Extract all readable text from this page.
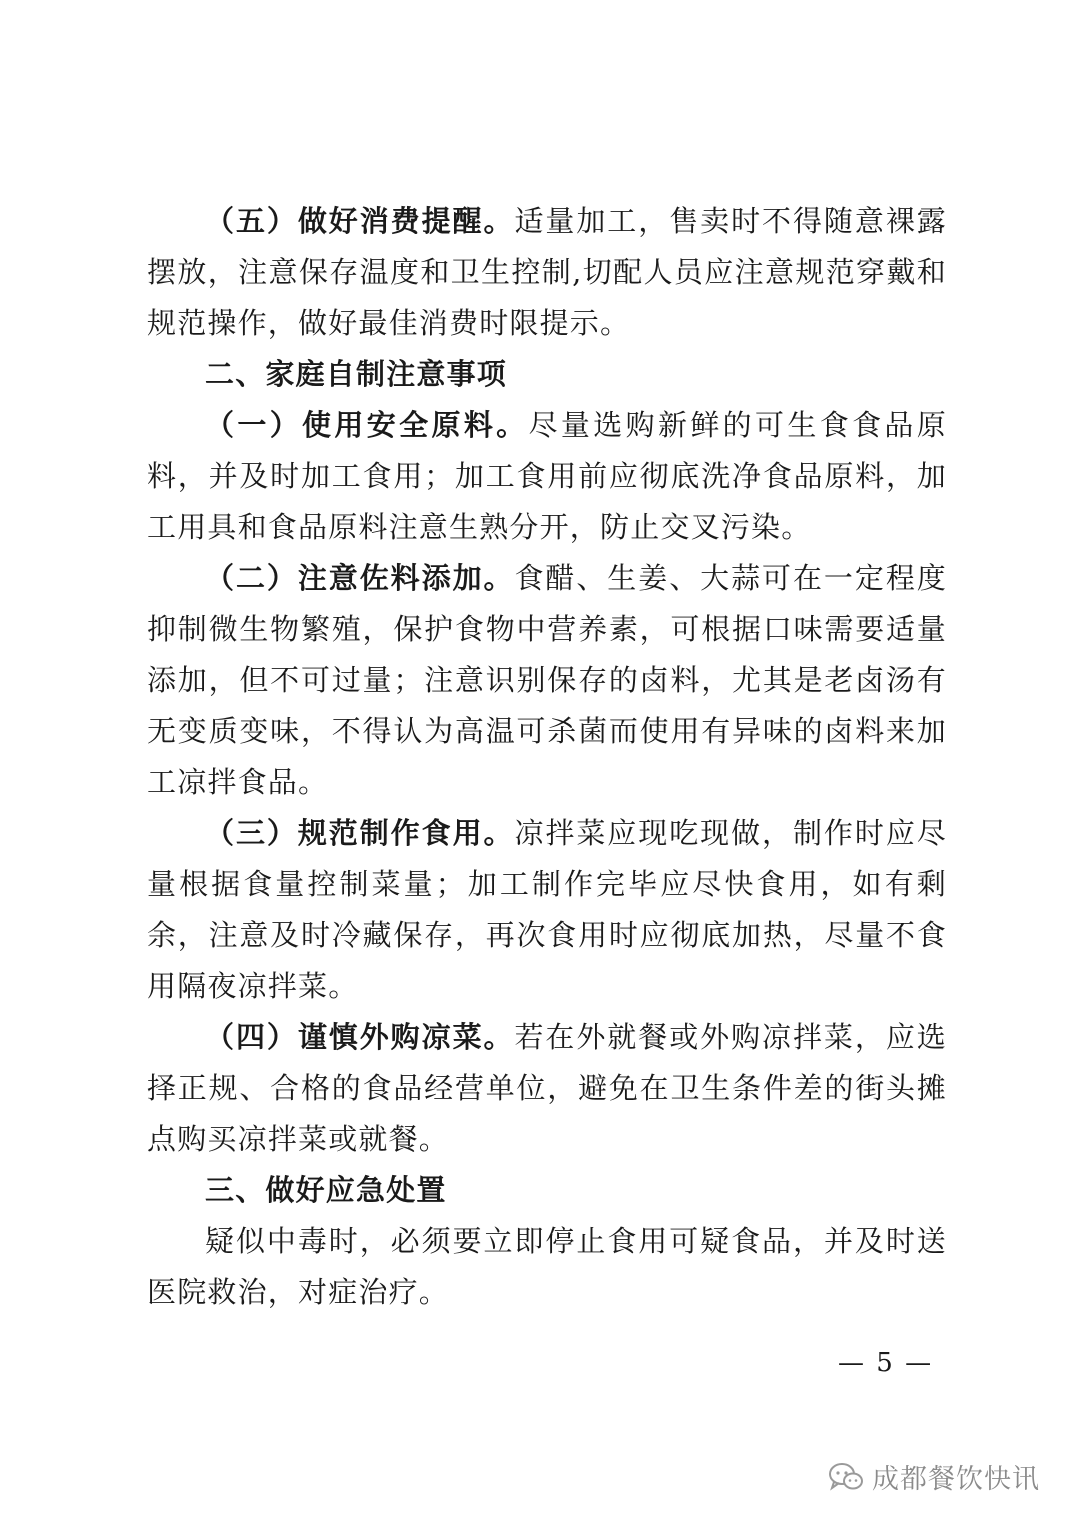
（五）做好消费提醒。适量加工，售卖时不得随意裸露摆放，注意保存温度和卫生控制,切配人员应注意规范穿戴和规范操作，做好最佳消费时限提示。

二、家庭自制注意事项

（一）使用安全原料。尽量选购新鲜的可生食食品原料，并及时加工食用；加工食用前应彻底洗净食品原料，加工用具和食品原料注意生熟分开，防止交叉污染。

（二）注意佐料添加。食醋、生姜、大蒜可在一定程度抑制微生物繁殖，保护食物中营养素，可根据口味需要适量添加，但不可过量；注意识别保存的卤料，尤其是老卤汤有无变质变味，不得认为高温可杀菌而使用有异味的卤料来加工凉拌食品。

（三）规范制作食用。凉拌菜应现吃现做，制作时应尽量根据食量控制菜量；加工制作完毕应尽快食用，如有剩余，注意及时冷藏保存，再次食用时应彻底加热，尽量不食用隔夜凉拌菜。

（四）谨慎外购凉菜。若在外就餐或外购凉拌菜，应选择正规、合格的食品经营单位，避免在卫生条件差的街头摊点购买凉拌菜或就餐。

三、做好应急处置

疑似中毒时，必须要立即停止食用可疑食品，并及时送医院救治，对症治疗。

— 5 —
成都餐饮快讯
